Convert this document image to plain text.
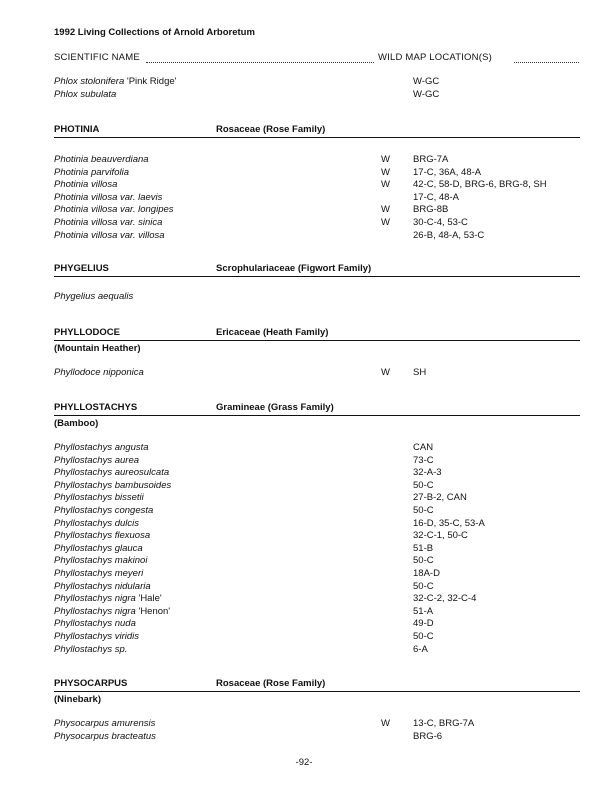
1992 Living Collections of Arnold Arboretum
SCIENTIFIC NAME	WILD MAP LOCATION(S)
Phlox stolonifera 'Pink Ridge'	W-GC
Phlox subulata	W-GC
PHOTINIA	Rosaceae (Rose Family)
Photinia beauverdiana	W BRG-7A
Photinia parvifolia	W 17-C, 36A, 48-A
Photinia villosa	W 42-C, 58-D, BRG-6, BRG-8, SH
Photinia villosa var. laevis	17-C, 48-A
Photinia villosa var. longipes	W BRG-8B
Photinia villosa var. sinica	W 30-C-4, 53-C
Photinia villosa var. villosa	26-B, 48-A, 53-C
PHYGELIUS	Scrophulariaceae (Figwort Family)
Phygelius aequalis
PHYLLODOCE	Ericaceae (Heath Family)
(Mountain Heather)
Phyllodoce nipponica	W SH
PHYLLOSTACHYS	Gramineae (Grass Family)
(Bamboo)
Phyllostachys angusta	CAN
Phyllostachys aurea	73-C
Phyllostachys aureosulcata	32-A-3
Phyllostachys bambusoides	50-C
Phyllostachys bissetii	27-B-2, CAN
Phyllostachys congesta	50-C
Phyllostachys dulcis	16-D, 35-C, 53-A
Phyllostachys flexuosa	32-C-1, 50-C
Phyllostachys glauca	51-B
Phyllostachys makinoi	50-C
Phyllostachys meyeri	18A-D
Phyllostachys nidularia	50-C
Phyllostachys nigra 'Hale'	32-C-2, 32-C-4
Phyllostachys nigra 'Henon'	51-A
Phyllostachys nuda	49-D
Phyllostachys viridis	50-C
Phyllostachys sp.	6-A
PHYSOCARPUS	Rosaceae (Rose Family)
(Ninebark)
Physocarpus amurensis	W 13-C, BRG-7A
Physocarpus bracteatus	BRG-6
-92-
